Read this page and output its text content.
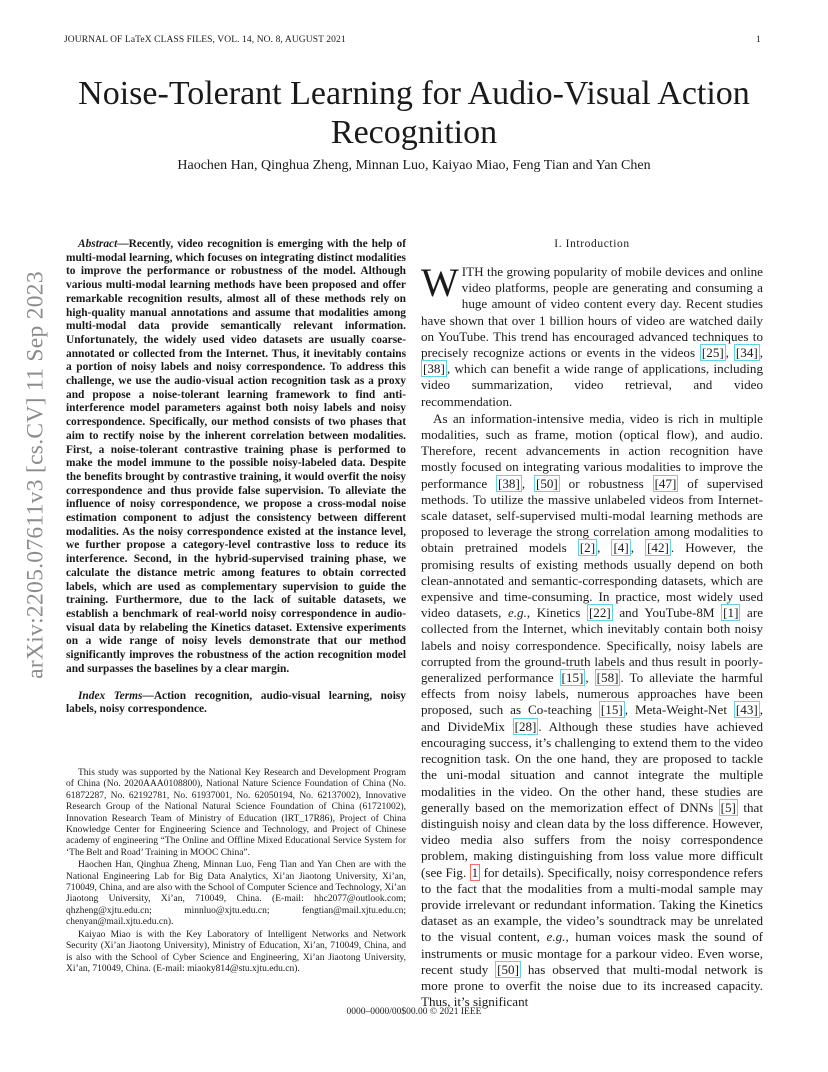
JOURNAL OF LaTeX CLASS FILES, VOL. 14, NO. 8, AUGUST 2021	1
arXiv:2205.07611v3 [cs.CV] 11 Sep 2023
Noise-Tolerant Learning for Audio-Visual Action Recognition
Haochen Han, Qinghua Zheng, Minnan Luo, Kaiyao Miao, Feng Tian and Yan Chen

Abstract—Recently, video recognition is emerging with the help of multi-modal learning, which focuses on integrating distinct modalities to improve the performance or robustness of the model. Although various multi-modal learning methods have been proposed and offer remarkable recognition results, almost all of these methods rely on high-quality manual annotations and assume that modalities among multi-modal data provide semantically relevant information. Unfortunately, the widely used video datasets are usually coarse-annotated or collected from the Internet. Thus, it inevitably contains a portion of noisy labels and noisy correspondence. To address this challenge, we use the audio-visual action recognition task as a proxy and propose a noise-tolerant learning framework to find anti-interference model parameters against both noisy labels and noisy correspondence. Specifically, our method consists of two phases that aim to rectify noise by the inherent correlation between modalities. First, a noise-tolerant contrastive training phase is performed to make the model immune to the possible noisy-labeled data. Despite the benefits brought by contrastive training, it would overfit the noisy correspondence and thus provide false supervision. To alleviate the influence of noisy correspondence, we propose a cross-modal noise estimation component to adjust the consistency between different modalities. As the noisy correspondence existed at the instance level, we further propose a category-level contrastive loss to reduce its interference. Second, in the hybrid-supervised training phase, we calculate the distance metric among features to obtain corrected labels, which are used as complementary supervision to guide the training. Furthermore, due to the lack of suitable datasets, we establish a benchmark of real-world noisy correspondence in audio-visual data by relabeling the Kinetics dataset. Extensive experiments on a wide range of noisy levels demonstrate that our method significantly improves the robustness of the action recognition model and surpasses the baselines by a clear margin.

Index Terms—Action recognition, audio-visual learning, noisy labels, noisy correspondence.

This study was supported by the National Key Research and Development Program of China (No. 2020AAA0108800), National Nature Science Foundation of China (No. 61872287, No. 62192781, No. 61937001, No. 62050194, No. 62137002), Innovative Research Group of the National Natural Science Foundation of China (61721002), Innovation Research Team of Ministry of Education (IRT_17R86), Project of China Knowledge Center for Engineering Science and Technology, and Project of Chinese academy of engineering “The Online and Offline Mixed Educational Service System for ‘The Belt and Road’ Training in MOOC China”.

Haochen Han, Qinghua Zheng, Minnan Luo, Feng Tian and Yan Chen are with the National Engineering Lab for Big Data Analytics, Xi’an Jiaotong University, Xi’an, 710049, China, and are also with the School of Computer Science and Technology, Xi’an Jiaotong University, Xi’an, 710049, China. (E-mail: hhc2077@outlook.com; qhzheng@xjtu.edu.cn; minnluo@xjtu.edu.cn; fengtian@mail.xjtu.edu.cn; chenyan@mail.xjtu.edu.cn).

Kaiyao Miao is with the Key Laboratory of Intelligent Networks and Network Security (Xi’an Jiaotong University), Ministry of Education, Xi’an, 710049, China, and is also with the School of Cyber Science and Engineering, Xi’an Jiaotong University, Xi’an, 710049, China. (E-mail: miaoky814@stu.xjtu.edu.cn).

I. Introduction

WITH the growing popularity of mobile devices and online video platforms, people are generating and consuming a huge amount of video content every day. Recent studies have shown that over 1 billion hours of video are watched daily on YouTube. This trend has encouraged advanced techniques to precisely recognize actions or events in the videos [25] , [34] , [38] , which can benefit a wide range of applications, including video summarization, video retrieval, and video recommendation.

As an information-intensive media, video is rich in multiple modalities, such as frame, motion (optical flow), and audio. Therefore, recent advancements in action recognition have mostly focused on integrating various modalities to improve the performance [38] , [50] or robustness [47] of supervised methods. To utilize the massive unlabeled videos from Internet-scale dataset, self-supervised multi-modal learning methods are proposed to leverage the strong correlation among modalities to obtain pretrained models [2] , [4] , [42] . However, the promising results of existing methods usually depend on both clean-annotated and semantic-corresponding datasets, which are expensive and time-consuming. In practice, most widely used video datasets, e.g., Kinetics [22] and YouTube-8M [1] are collected from the Internet, which inevitably contain both noisy labels and noisy correspondence. Specifically, noisy labels are corrupted from the ground-truth labels and thus result in poorly-generalized performance [15] , [58] . To alleviate the harmful effects from noisy labels, numerous approaches have been proposed, such as Co-teaching [15] , Meta-Weight-Net [43] , and DivideMix [28] . Although these studies have achieved encouraging success, it’s challenging to extend them to the video recognition task. On the one hand, they are proposed to tackle the uni-modal situation and cannot integrate the multiple modalities in the video. On the other hand, these studies are generally based on the memorization effect of DNNs [5] that distinguish noisy and clean data by the loss difference. However, video media also suffers from the noisy correspondence problem, making distinguishing from loss value more difficult (see Fig. 1 for details). Specifically, noisy correspondence refers to the fact that the modalities from a multi-modal sample may provide irrelevant or redundant information. Taking the Kinetics dataset as an example, the video’s soundtrack may be unrelated to the visual content, e.g., human voices mask the sound of instruments or music montage for a parkour video. Even worse, recent study [50] has observed that multi-modal network is more prone to overfit the noise due to its increased capacity. Thus, it’s significant

0000–0000/00$00.00 © 2021 IEEE
